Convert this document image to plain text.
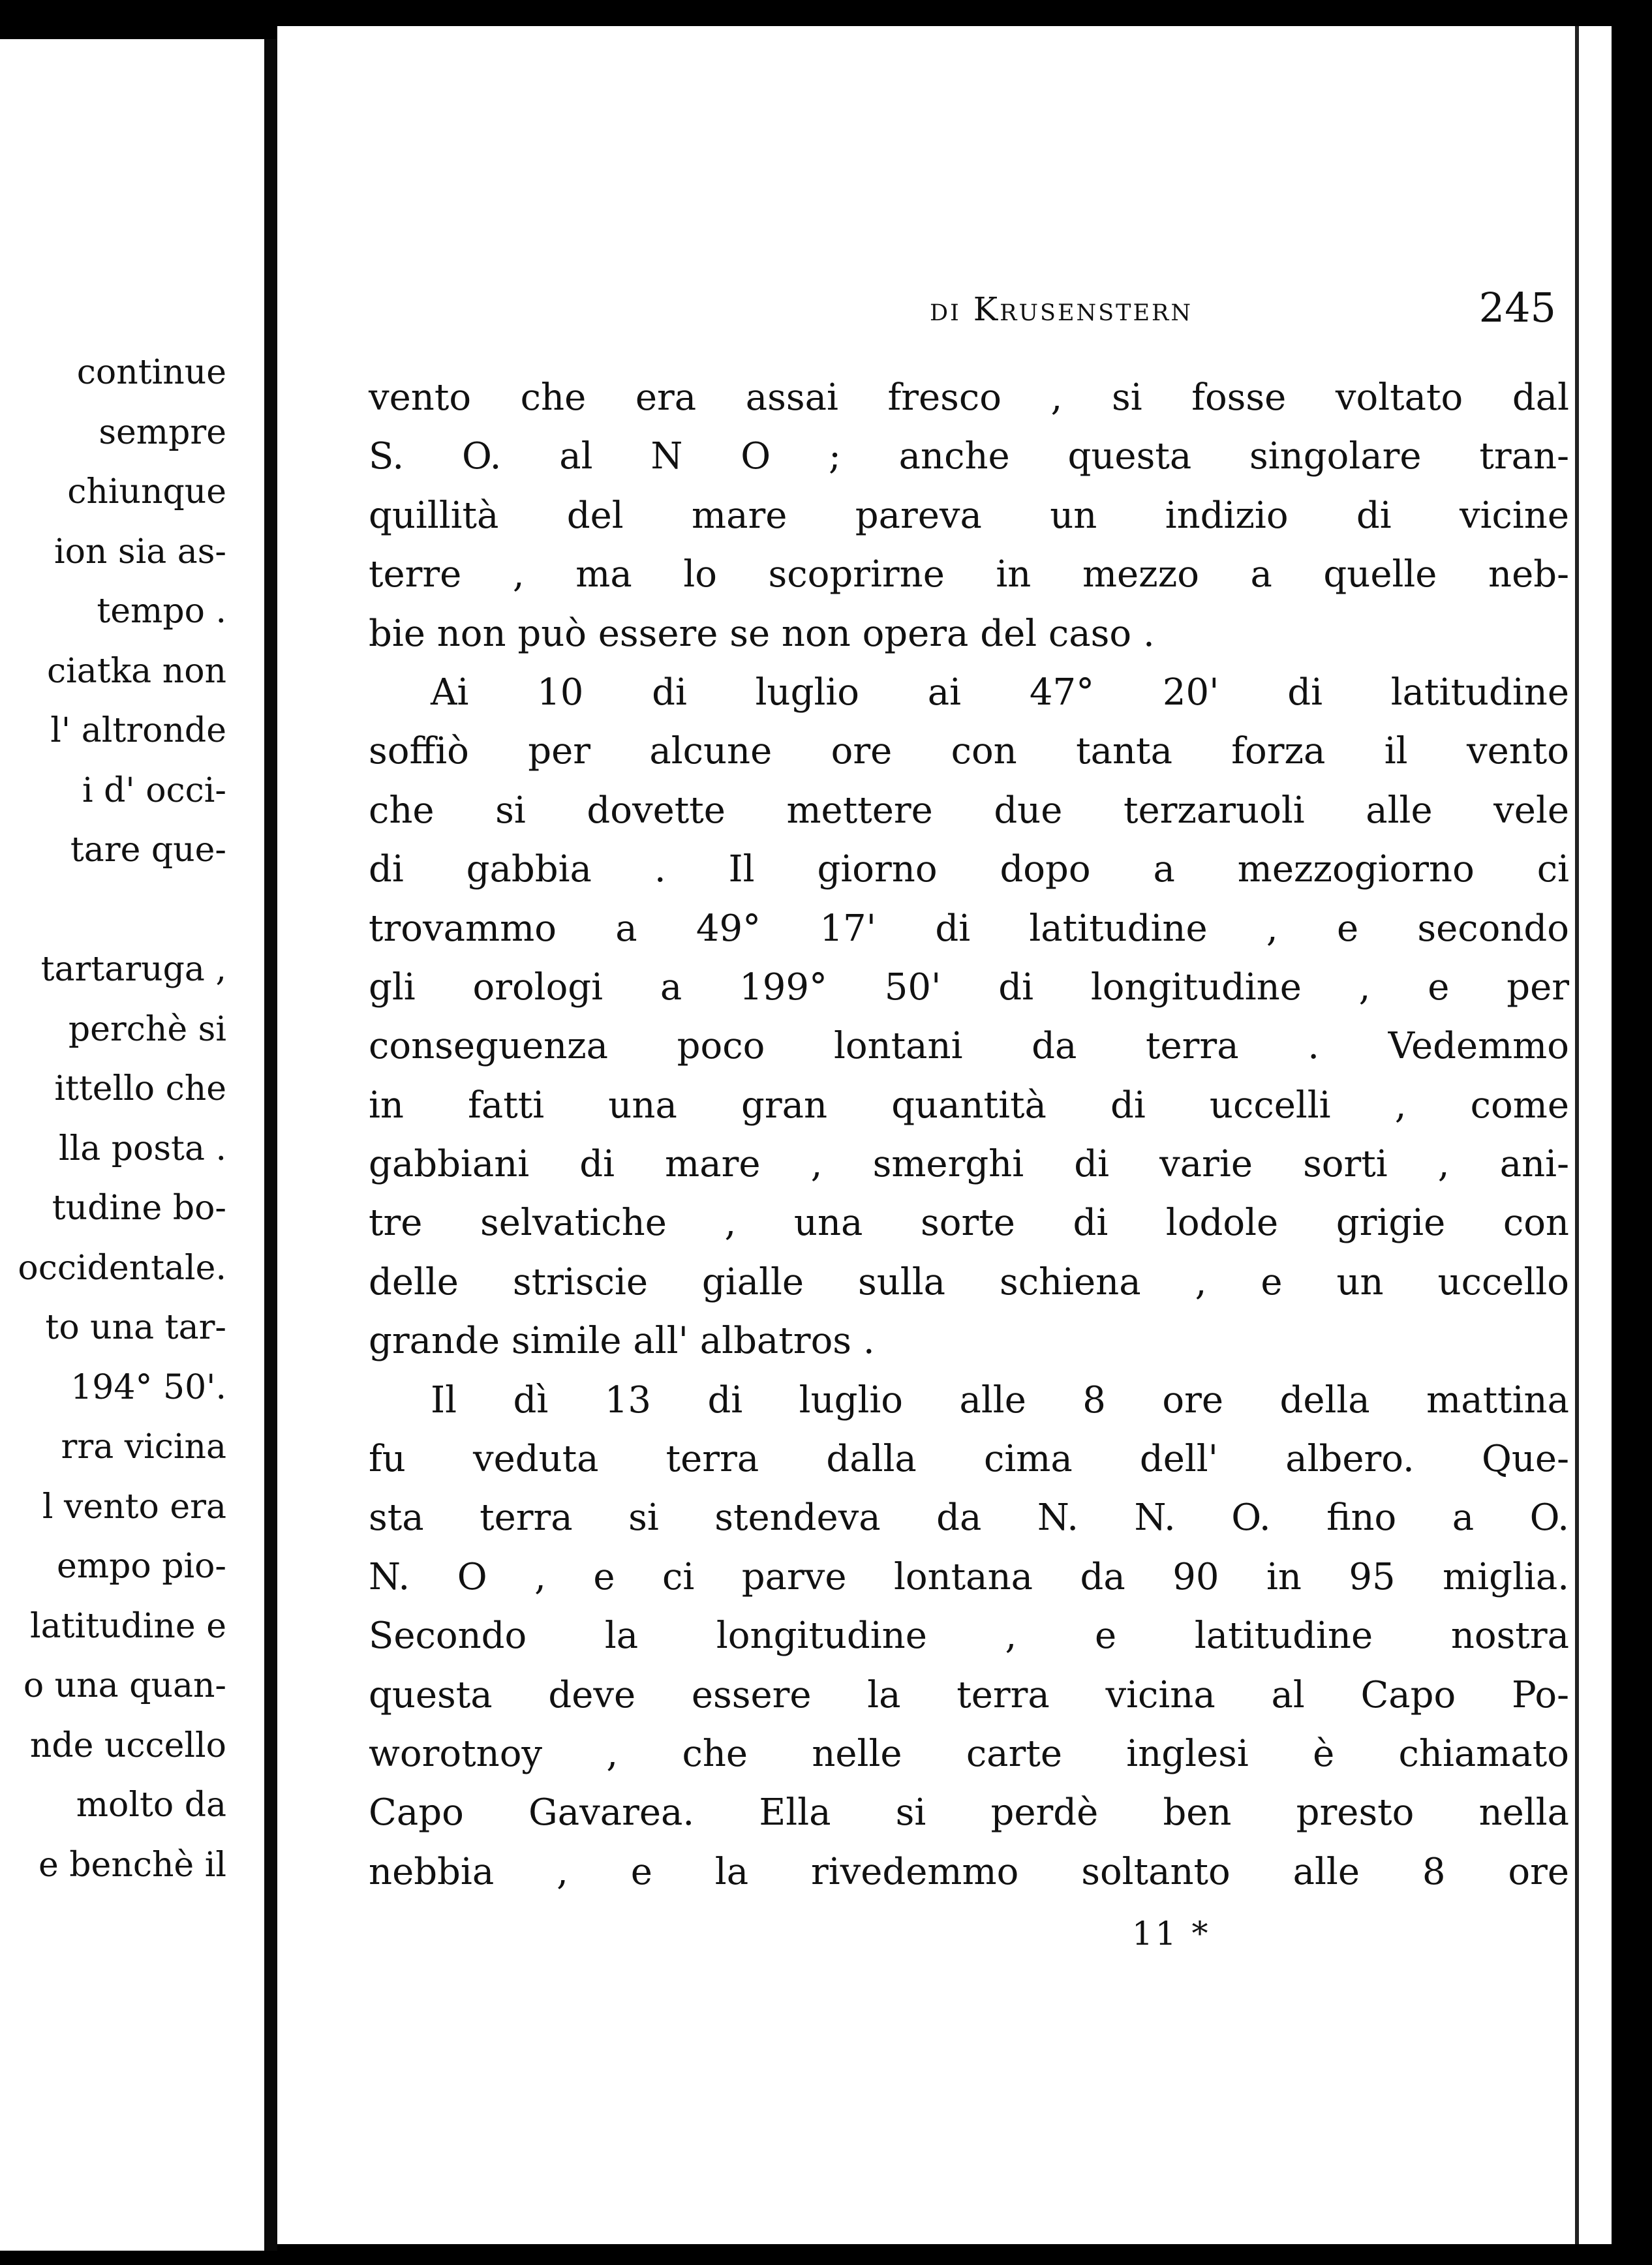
continue
sempre
chiunque
ion sia as-
tempo .
ciatka non
l' altronde
i d' occi-
tare que-
tartaruga ,
perchè si
ittello che
lla posta .
tudine bo-
occidentale.
to una tar-
194° 50'.
rra vicina
l vento era
empo pio-
latitudine e
o una quan-
nde uccello
molto da
e benchè il
di Krusenstern	245
vento che era assai fresco , si fosse voltato dal
S. O. al N O ; anche questa singolare tran-
quillità del mare pareva un indizio di vicine
terre , ma lo scoprirne in mezzo a quelle neb-
bie non può essere se non opera del caso .
Ai 10 di luglio ai 47° 20' di latitudine
soffiò per alcune ore con tanta forza il vento
che si dovette mettere due terzaruoli alle vele
di gabbia . Il giorno dopo a mezzogiorno ci
trovammo a 49° 17' di latitudine , e secondo
gli orologi a 199° 50' di longitudine , e per
conseguenza poco lontani da terra . Vedemmo
in fatti una gran quantità di uccelli , come
gabbiani di mare , smerghi di varie sorti , ani-
tre selvatiche , una sorte di lodole grigie con
delle striscie gialle sulla schiena , e un uccello
grande simile all' albatros .
Il dì 13 di luglio alle 8 ore della mattina
fu veduta terra dalla cima dell' albero. Que-
sta terra si stendeva da N. N. O. fino a O.
N. O , e ci parve lontana da 90 in 95 miglia.
Secondo la longitudine , e latitudine nostra
questa deve essere la terra vicina al Capo Po-
worotnoy , che nelle carte inglesi è chiamato
Capo Gavarea. Ella si perdè ben presto nella
nebbia , e la rivedemmo soltanto alle 8 ore
11 *
